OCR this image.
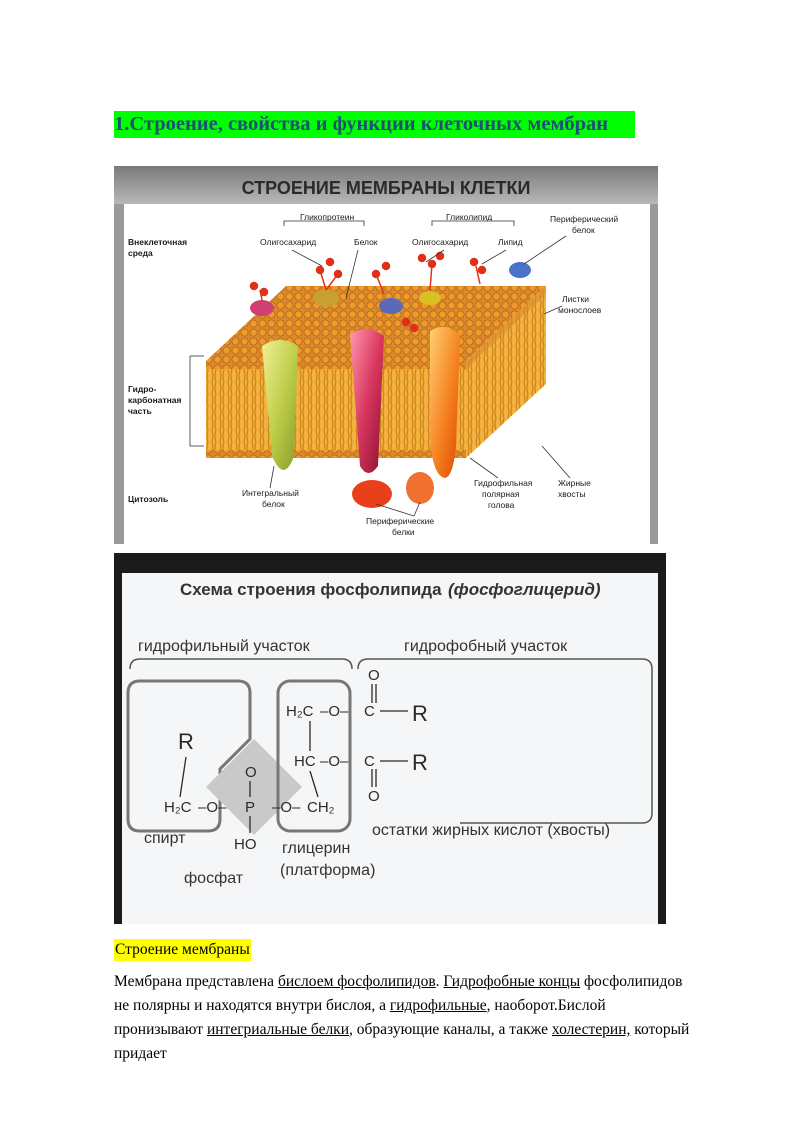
1.Строение, свойства и функции клеточных мембран
СТРОЕНИЕ МЕМБРАНЫ КЛЕТКИ
Гликопротеин	Гликолипид	Периферический
белок
Олигосахарид	Белок	Олигосахарид	Липид
Внеклеточная
среда
Листки
монослоев
Гидро-
карбонатная
часть
Цитозоль
Интегральный
белок
Периферические
белки
Гидрофильная
полярная
голова
Жирные
хвосты
Схема строения фосфолипида (фосфоглицерид)
гидрофильный участок	гидрофобный участок
R
R
R
H₂C –O– P –O– CH₂
O
HO
H₂C –O– C
O
HC –O– C
O
спирт
фосфат
глицерин
(платформа)
остатки жирных кислот (хвосты)
Строение мембраны
Мембрана представлена бислоем фосфолипидов. Гидрофобные концы фосфолипидов не полярны и находятся внутри бислоя, а гидрофильные, наоборот.Бислой пронизывают интегриальные белки, образующие каналы, а также холестерин, который придает
